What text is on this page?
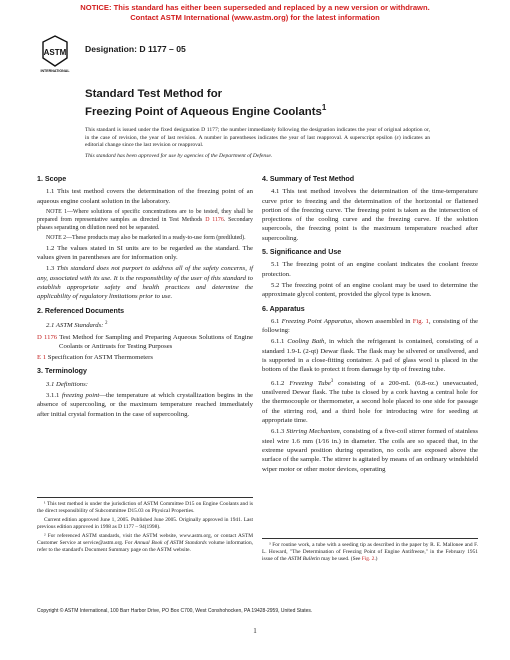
NOTICE: This standard has either been superseded and replaced by a new version or withdrawn.
Contact ASTM International (www.astm.org) for the latest information
ASTM
INTERNATIONAL
Designation: D 1177 – 05
Standard Test Method for
Freezing Point of Aqueous Engine Coolants$^1$
This standard is issued under the fixed designation D 1177; the number immediately following the designation indicates the year of original adoption or, in the case of revision, the year of last revision. A number in parentheses indicates the year of last reapproval. A superscript epsilon (ε) indicates an editorial change since the last revision or reapproval.
This standard has been approved for use by agencies of the Department of Defense.
1. Scope

1.1 This test method covers the determination of the freezing point of an aqueous engine coolant solution in the laboratory.

NOTE 1—Where solutions of specific concentrations are to be tested, they shall be prepared from representative samples as directed in Test Methods D 1176. Secondary phases separating on dilution need not be separated.

NOTE 2—These products may also be marketed in a ready-to-use form (prediluted).

1.2 The values stated in SI units are to be regarded as the standard. The values given in parentheses are for information only.

1.3 This standard does not purport to address all of the safety concerns, if any, associated with its use. It is the responsibility of the user of this standard to establish appropriate safety and health practices and determine the applicability of regulatory limitations prior to use.

2. Referenced Documents

2.1 ASTM Standards: $^2$

D 1176 Test Method for Sampling and Preparing Aqueous Solutions of Engine Coolants or Antirusts for Testing Purposes

E 1 Specification for ASTM Thermometers

3. Terminology

3.1 Definitions:

3.1.1 freezing point—the temperature at which crystallization begins in the absence of supercooling, or the maximum temperature reached immediately after initial crystal formation in the case of supercooling.

4. Summary of Test Method

4.1 This test method involves the determination of the time-temperature curve prior to freezing and the determination of the horizontal or flattened portion of the freezing curve. The freezing point is taken as the intersection of projections of the cooling curve and the freezing curve. If the solution supercools, the freezing point is the maximum temperature reached after supercooling.

5. Significance and Use

5.1 The freezing point of an engine coolant indicates the coolant freeze protection.

5.2 The freezing point of an engine coolant may be used to determine the approximate glycol content, provided the glycol type is known.

6. Apparatus

6.1 Freezing Point Apparatus, shown assembled in Fig. 1, consisting of the following:

6.1.1 Cooling Bath, in which the refrigerant is contained, consisting of a standard 1.9-L (2-qt) Dewar flask. The flask may be silvered or unsilvered, and is supported in a close-fitting container. A pad of glass wool is placed in the bottom of the flask to protect it from damage by tip of freezing tube.

6.1.2 Freezing Tube$^3$ consisting of a 200-mL (6.8-oz.) unevacuated, unsilvered Dewar flask. The tube is closed by a cork having a central hole for the thermocouple or thermometer, a second hole placed to one side for passage of the stirring rod, and a third hole for introducing wire for seeding at appropriate time.

6.1.3 Stirring Mechanism, consisting of a five-coil stirrer formed of stainless steel wire 1.6 mm (1⁄16 in.) in diameter. The coils are so spaced that, in the extreme upward position during operation, no coils are exposed above the surface of the sample. The stirrer is agitated by means of an ordinary windshield wiper motor or other motor devices, operating

¹ This test method is under the jurisdiction of ASTM Committee D15 on Engine Coolants and is the direct responsibility of Subcommittee D15.03 on Physical Properties.

Current edition approved June 1, 2005. Published June 2005. Originally approved in 1941. Last previous edition approved in 1998 as D 1177 – 94(1998).

² For referenced ASTM standards, visit the ASTM website, www.astm.org, or contact ASTM Customer Service at service@astm.org. For Annual Book of ASTM Standards volume information, refer to the standard's Document Summary page on the ASTM website.

³ For routine work, a tube with a seeding tip as described in the paper by R. E. Mallonee and F. L. Howard, "The Determination of Freezing Point of Engine Antifreeze," in the February 1951 issue of the ASTM Bulletin may be used. (See Fig. 2.)

Copyright © ASTM International, 100 Barr Harbor Drive, PO Box C700, West Conshohocken, PA 19428-2959, United States.
1
